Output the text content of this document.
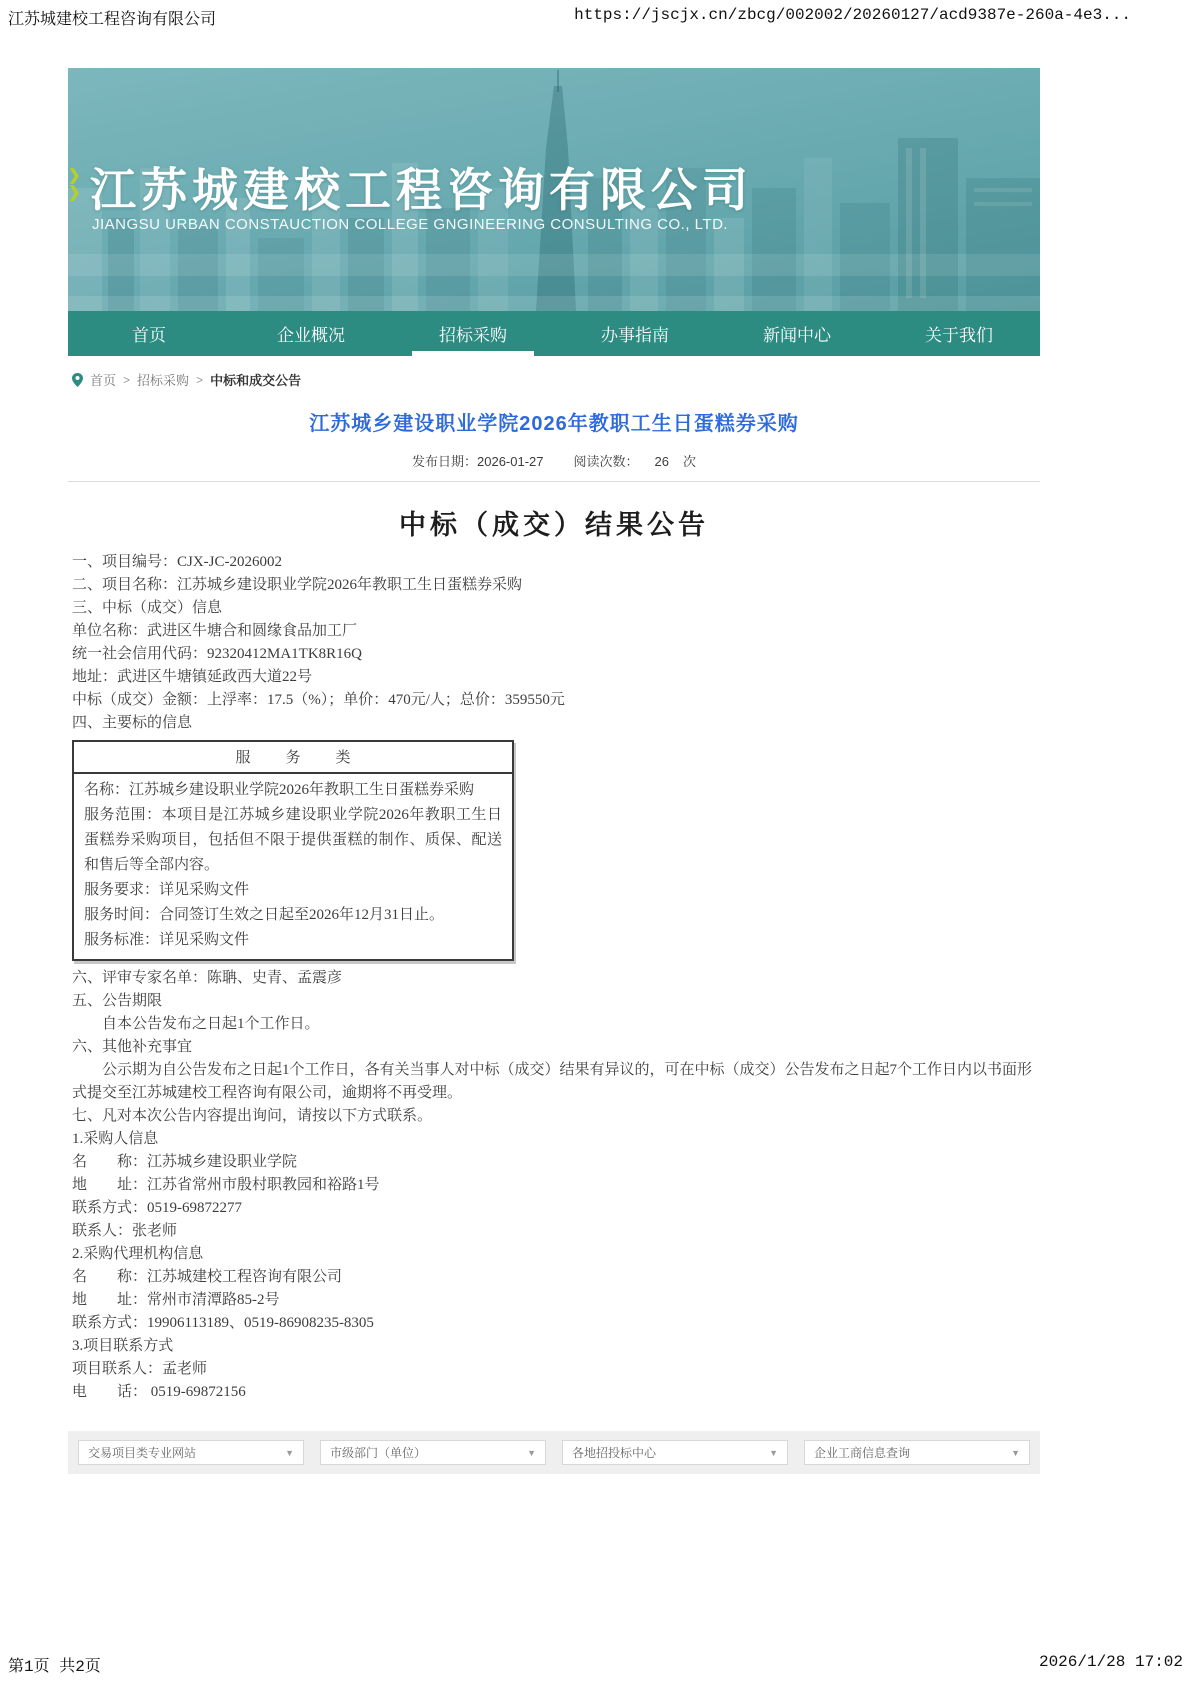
江苏城建校工程咨询有限公司	https://jscjx.cn/zbcg/002002/20260127/acd9387e-260a-4e3...
❯
❯ 江苏城建校工程咨询有限公司
JIANGSU URBAN CONSTAUCTION COLLEGE GNGINEERING CONSULTING CO., LTD.
首页	企业概况	招标采购	办事指南	新闻中心	关于我们
首页 > 招标采购 > 中标和成交公告
江苏城乡建设职业学院2026年教职工生日蛋糕券采购
发布日期：2026-01-27 阅读次数： 26 次
中标（成交）结果公告
一、项目编号：CJX-JC-2026002
二、项目名称：江苏城乡建设职业学院2026年教职工生日蛋糕券采购
三、中标（成交）信息
单位名称：武进区牛塘合和圆缘食品加工厂
统一社会信用代码：92320412MA1TK8R16Q
地址：武进区牛塘镇延政西大道22号
中标（成交）金额：上浮率：17.5（%）；单价：470元/人；总价：359550元
四、主要标的信息
服　务　类
名称：江苏城乡建设职业学院2026年教职工生日蛋糕券采购
服务范围：本项目是江苏城乡建设职业学院2026年教职工生日蛋糕券采购项目，包括但不限于提供蛋糕的制作、质保、配送和售后等全部内容。
服务要求：详见采购文件
服务时间：合同签订生效之日起至2026年12月31日止。
服务标准：详见采购文件
六、评审专家名单：陈聃、史青、孟震彦
五、公告期限
　　自本公告发布之日起1个工作日。
六、其他补充事宜
　　公示期为自公告发布之日起1个工作日，各有关当事人对中标（成交）结果有异议的，可在中标（成交）公告发布之日起7个工作日内以书面形式提交至江苏城建校工程咨询有限公司，逾期将不再受理。
七、凡对本次公告内容提出询问，请按以下方式联系。
1.采购人信息
名　　称：江苏城乡建设职业学院
地　　址：江苏省常州市殷村职教园和裕路1号
联系方式：0519-69872277
联系人：张老师
2.采购代理机构信息
名　　称：江苏城建校工程咨询有限公司
地　　址：常州市清潭路85-2号
联系方式：19906113189、0519-86908235-8305
3.项目联系方式
项目联系人：孟老师
电　　话： 0519-69872156
交易项目类专业网站	▼	市级部门（单位）	▼	各地招投标中心	▼	企业工商信息查询	▼
第1页 共2页	2026/1/28 17:02
